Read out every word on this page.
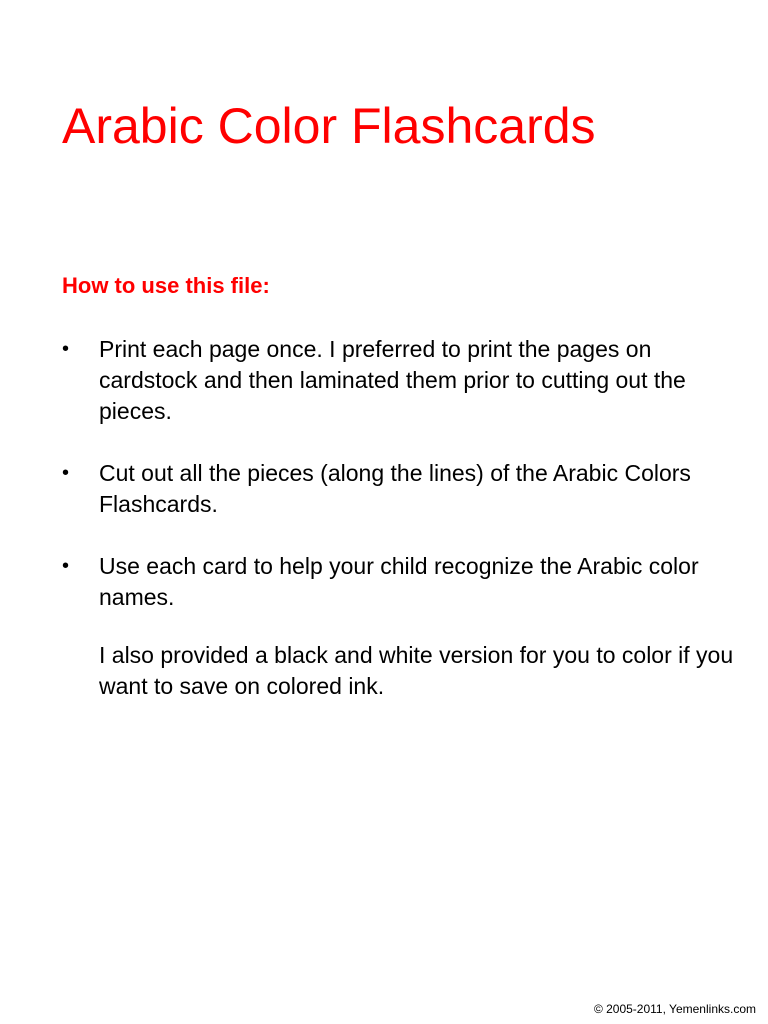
Arabic Color Flashcards
How to use this file:
• Print each page once. I preferred to print the pages on cardstock and then laminated them prior to cutting out the pieces.
• Cut out all the pieces (along the lines) of the Arabic Colors Flashcards.
• Use each card to help your child recognize the Arabic color names.

I also provided a black and white version for you to color if you want to save on colored ink.

© 2005-2011, Yemenlinks.com
